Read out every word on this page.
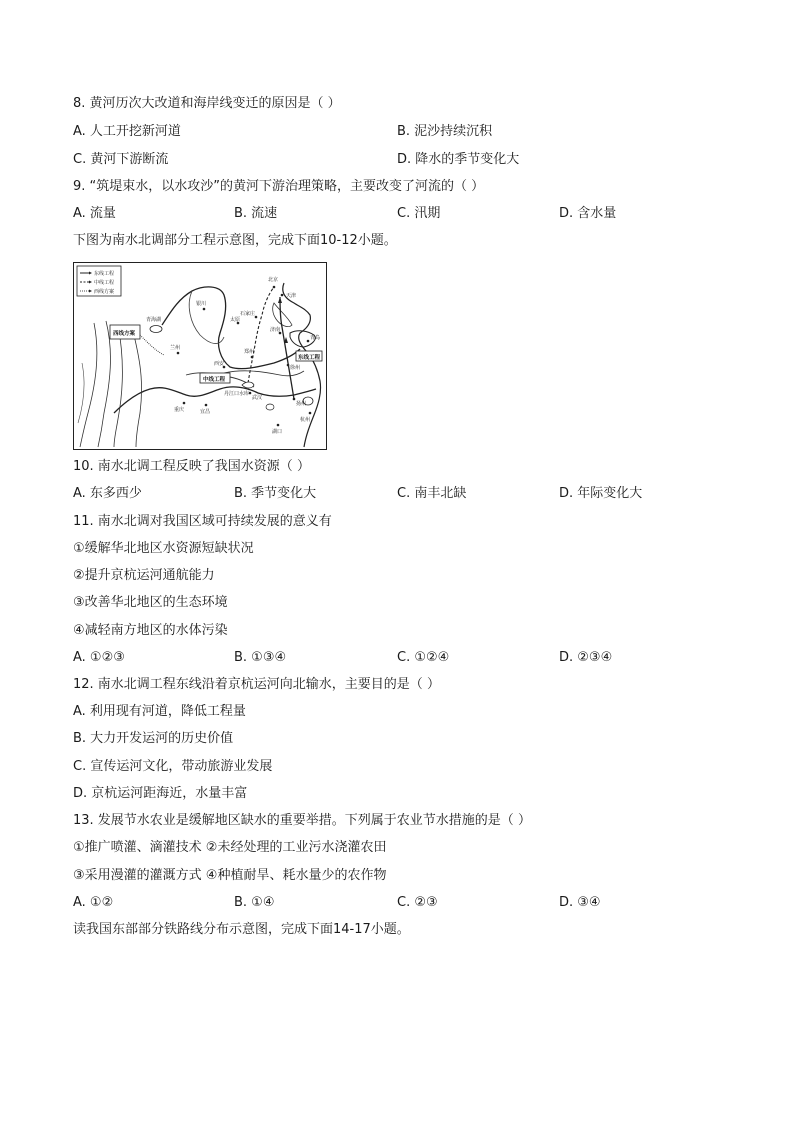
8. 黄河历次大改道和海岸线变迁的原因是（ ）
A. 人工开挖新河道	B. 泥沙持续沉积
C. 黄河下游断流	D. 降水的季节变化大
9. “筑堤束水，以水攻沙”的黄河下游治理策略，主要改变了河流的（ ）
A. 流量	B. 流速	C. 汛期	D. 含水量
下图为南水北调部分工程示意图，完成下面10-12小题。
东线工程
中线工程
西线方案
青海湖
西线方案
中线工程
东线工程
丹江口水库
北京
天津
石家庄
济南
郑州
徐州
扬州
杭州
西安
兰州
武汉
宜昌
重庆
湖口
青岛
银川
太原
10. 南水北调工程反映了我国水资源（ ）
A. 东多西少	B. 季节变化大	C. 南丰北缺	D. 年际变化大
11. 南水北调对我国区域可持续发展的意义有
①缓解华北地区水资源短缺状况
②提升京杭运河通航能力
③改善华北地区的生态环境
④减轻南方地区的水体污染
A. ①②③	B. ①③④	C. ①②④	D. ②③④
12. 南水北调工程东线沿着京杭运河向北输水，主要目的是（ ）
A. 利用现有河道，降低工程量
B. 大力开发运河的历史价值
C. 宣传运河文化，带动旅游业发展
D. 京杭运河距海近，水量丰富
13. 发展节水农业是缓解地区缺水的重要举措。下列属于农业节水措施的是（ ）
①推广喷灌、滴灌技术 ②未经处理的工业污水浇灌农田
③采用漫灌的灌溉方式 ④种植耐旱、耗水量少的农作物
A. ①②	B. ①④	C. ②③	D. ③④
读我国东部部分铁路线分布示意图，完成下面14-17小题。
